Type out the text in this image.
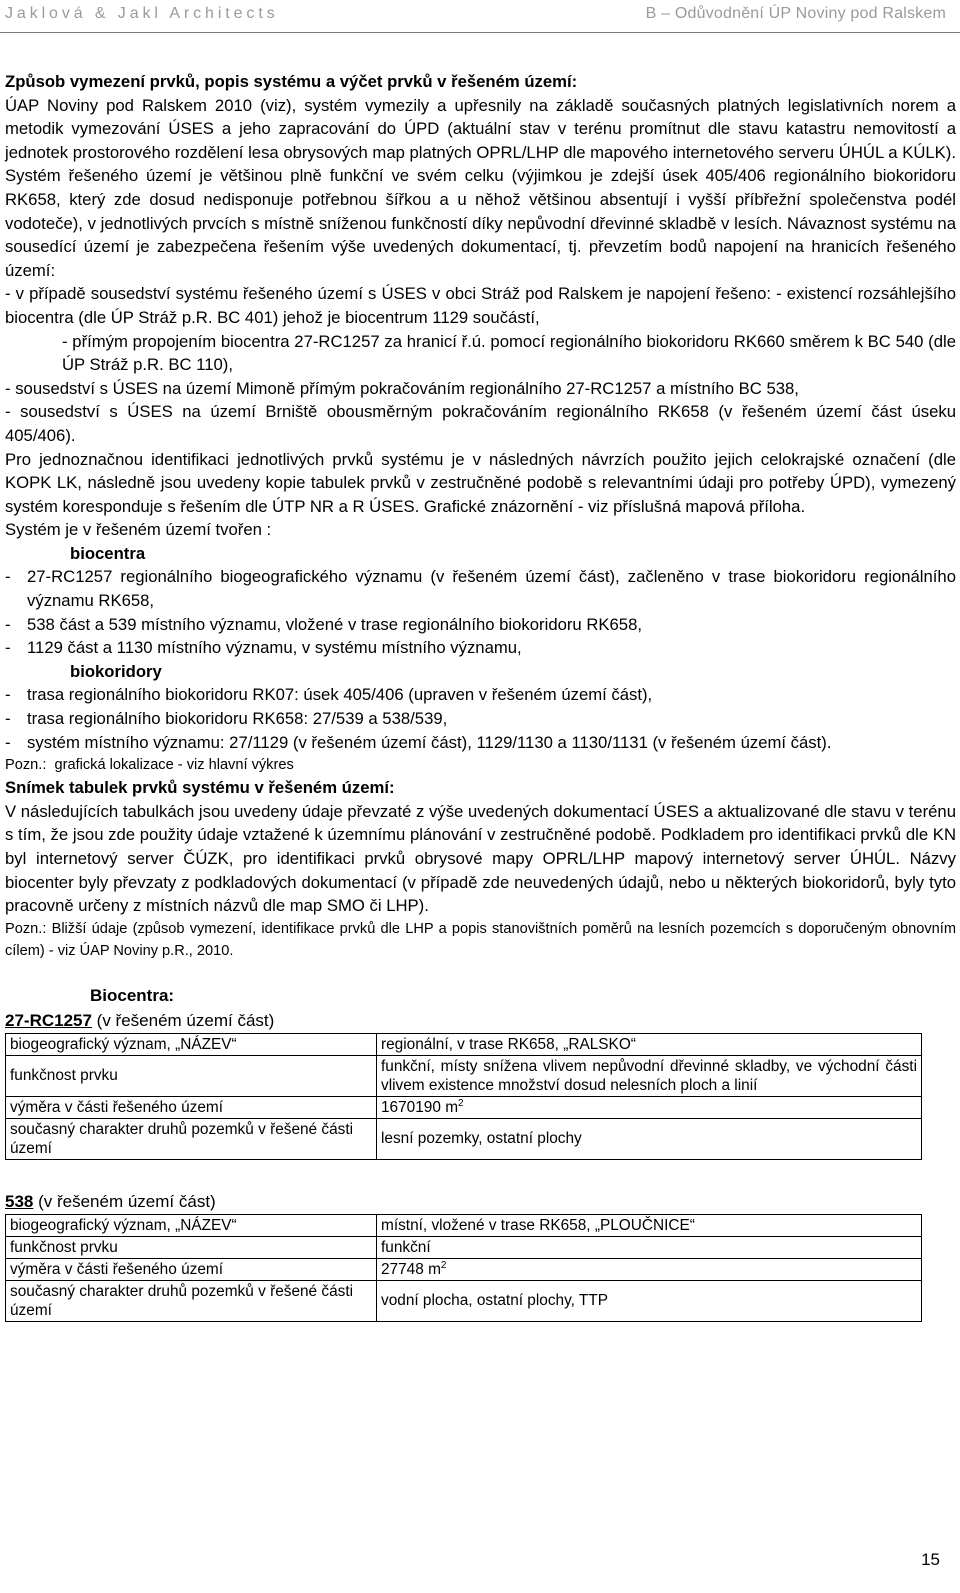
Jaklová & Jakl Architects	B – Odůvodnění ÚP Noviny pod Ralskem

Způsob vymezení prvků, popis systému a výčet prvků v řešeném území:

ÚAP Noviny pod Ralskem 2010 (viz), systém vymezily a upřesnily na základě současných platných legislativních norem a metodik vymezování ÚSES a jeho zapracování do ÚPD (aktuální stav v terénu promítnut dle stavu katastru nemovitostí a jednotek prostorového rozdělení lesa obrysových map platných OPRL/LHP dle mapového internetového serveru ÚHÚL a KÚLK). Systém řešeného území je většinou plně funkční ve svém celku (výjimkou je zdejší úsek 405/406 regionálního biokoridoru RK658, který zde dosud nedisponuje potřebnou šířkou a u něhož většinou absentují i vyšší příbřežní společenstva podél vodoteče), v jednotlivých prvcích s místně sníženou funkčností díky nepůvodní dřevinné skladbě v lesích. Návaznost systému na sousedící území je zabezpečena řešením výše uvedených dokumentací, tj. převzetím bodů napojení na hranicích řešeného území:

- v případě sousedství systému řešeného území s ÚSES v obci Stráž pod Ralskem je napojení řešeno: - existencí rozsáhlejšího biocentra (dle ÚP Stráž p.R. BC 401) jehož je biocentrum 1129 součástí,

- přímým propojením biocentra 27-RC1257 za hranicí ř.ú. pomocí regionálního biokoridoru RK660 směrem k BC 540 (dle ÚP Stráž p.R. BC 110),

- sousedství s ÚSES na území Mimoně přímým pokračováním regionálního 27-RC1257 a místního BC 538,

- sousedství s ÚSES na území Brniště obousměrným pokračováním regionálního RK658 (v řešeném území část úseku 405/406).

Pro jednoznačnou identifikaci jednotlivých prvků systému je v následných návrzích použito jejich celokrajské označení (dle KOPK LK, následně jsou uvedeny kopie tabulek prvků v zestručněné podobě s relevantními údaji pro potřeby ÚPD), vymezený systém koresponduje s řešením dle ÚTP NR a R ÚSES. Grafické znázornění - viz příslušná mapová příloha.

Systém je v řešeném území tvořen :

biocentra

- 27-RC1257 regionálního biogeografického významu (v řešeném území část), začleněno v trase biokoridoru regionálního významu RK658,
- 538 část a 539 místního významu, vložené v trase regionálního biokoridoru RK658,
- 1129 část a 1130 místního významu, v systému místního významu,

biokoridory

- trasa regionálního biokoridoru RK07: úsek 405/406 (upraven v řešeném území část),
- trasa regionálního biokoridoru RK658: 27/539 a 538/539,
- systém místního významu: 27/1129 (v řešeném území část), 1129/1130 a 1130/1131 (v řešeném území část).

Pozn.: grafická lokalizace - viz hlavní výkres

Snímek tabulek prvků systému v řešeném území:

V následujících tabulkách jsou uvedeny údaje převzaté z výše uvedených dokumentací ÚSES a aktualizované dle stavu v terénu s tím, že jsou zde použity údaje vztažené k územnímu plánování v zestručněné podobě. Podkladem pro identifikaci prvků dle KN byl internetový server ČÚZK, pro identifikaci prvků obrysové mapy OPRL/LHP mapový internetový server ÚHÚL. Názvy biocenter byly převzaty z podkladových dokumentací (v případě zde neuvedených údajů, nebo u některých biokoridorů, byly tyto pracovně určeny z místních názvů dle map SMO či LHP).

Pozn.: Bližší údaje (způsob vymezení, identifikace prvků dle LHP a popis stanovištních poměrů na lesních pozemcích s doporučeným obnovním cílem) - viz ÚAP Noviny p.R., 2010.

Biocentra:

27-RC1257 (v řešeném území část)

biogeografický význam, „NÁZEV“	regionální, v trase RK658, „RALSKO“
funkčnost prvku	funkční, místy snížena vlivem nepůvodní dřevinné skladby, ve východní části vlivem existence množství dosud nelesních ploch a linií
výměra v části řešeného území	1670190 $m^2$
současný charakter druhů pozemků v řešené části území	lesní pozemky, ostatní plochy

538 (v řešeném území část)

biogeografický význam, „NÁZEV“	místní, vložené v trase RK658, „PLOUČNICE“
funkčnost prvku	funkční
výměra v části řešeného území	27748 $m^2$
současný charakter druhů pozemků v řešené části území	vodní plocha, ostatní plochy, TTP
15
